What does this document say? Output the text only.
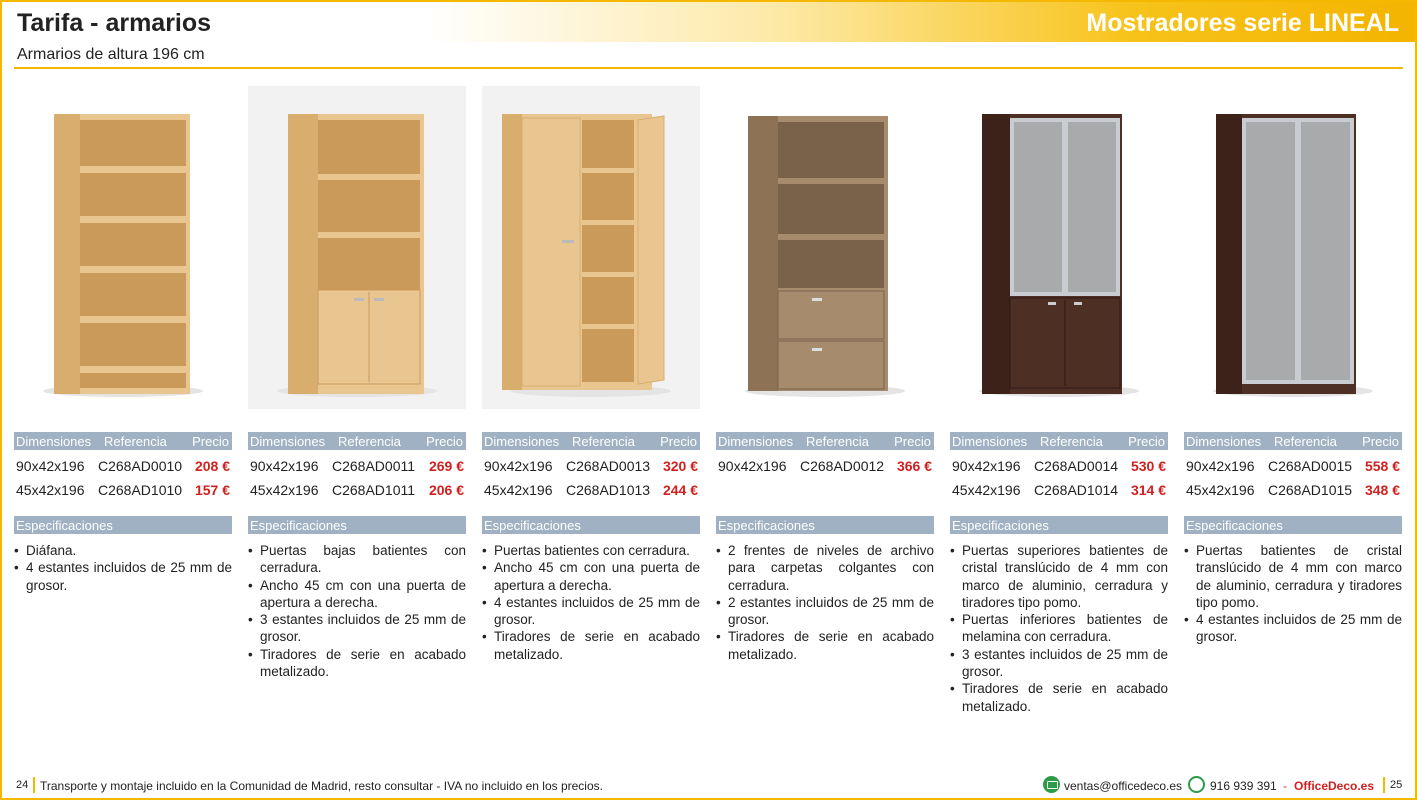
Tarifa - armarios	Mostradores serie LINEAL
Armarios de altura 196 cm
Dimensiones Referencia Precio
90x42x196 C268AD0010 208 €
45x42x196 C268AD1010 157 €
Especificaciones
• Diáfana.
• 4 estantes incluidos de 25 mm de grosor.
Dimensiones Referencia Precio
90x42x196 C268AD0011 269 €
45x42x196 C268AD1011 206 €
Especificaciones
• Puertas bajas batientes con cerradura.
• Ancho 45 cm con una puerta de apertura a derecha.
• 3 estantes incluidos de 25 mm de grosor.
• Tiradores de serie en acabado metalizado.
Dimensiones Referencia Precio
90x42x196 C268AD0013 320 €
45x42x196 C268AD1013 244 €
Especificaciones
• Puertas batientes con cerradura.
• Ancho 45 cm con una puerta de apertura a derecha.
• 4 estantes incluidos de 25 mm de grosor.
• Tiradores de serie en acabado metalizado.
Dimensiones Referencia Precio
90x42x196 C268AD0012 366 €
Especificaciones
• 2 frentes de niveles de archivo para carpetas colgantes con cerradura.
• 2 estantes incluidos de 25 mm de grosor.
• Tiradores de serie en acabado metalizado.
Dimensiones Referencia Precio
90x42x196 C268AD0014 530 €
45x42x196 C268AD1014 314 €
Especificaciones
• Puertas superiores batientes de cristal translúcido de 4 mm con marco de aluminio, cerradura y tiradores tipo pomo.
• Puertas inferiores batientes de melamina con cerradura.
• 3 estantes incluidos de 25 mm de grosor.
• Tiradores de serie en acabado metalizado.
Dimensiones Referencia Precio
90x42x196 C268AD0015 558 €
45x42x196 C268AD1015 348 €
Especificaciones
• Puertas batientes de cristal translúcido de 4 mm con marco de aluminio, cerradura y tiradores tipo pomo.
• 4 estantes incluidos de 25 mm de grosor.
24 Transporte y montaje incluido en la Comunidad de Madrid, resto consultar - IVA no incluido en los precios.	ventas@officedeco.es 916 939 391 - OfficeDeco.es 25
